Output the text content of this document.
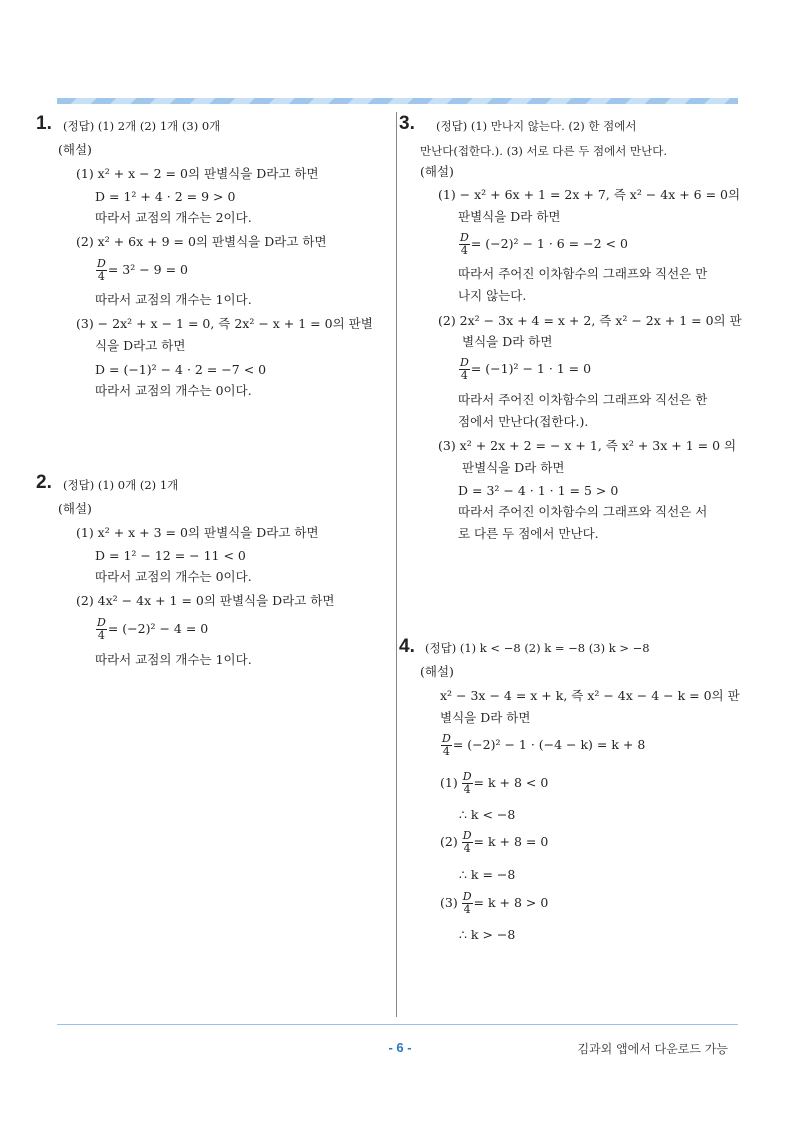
1. (정답) (1) 2개 (2) 1개 (3) 0개
(해설)
(1) x² + x − 2 = 0의 판별식을 D라고 하면
D = 1² + 4 · 2 = 9 > 0
따라서 교점의 개수는 2이다.
(2) x² + 6x + 9 = 0의 판별식을 D라고 하면
$\frac{D}{4} = 3^2 - 9 = 0$
따라서 교점의 개수는 1이다.
(3) − 2x² + x − 1 = 0, 즉 2x² − x + 1 = 0의 판별
식을 D라고 하면
D = (−1)² − 4 · 2 = −7 < 0
따라서 교점의 개수는 0이다.
2. (정답) (1) 0개 (2) 1개
(해설)
(1) x² + x + 3 = 0의 판별식을 D라고 하면
D = 1² − 12 = − 11 < 0
따라서 교점의 개수는 0이다.
(2) 4x² − 4x + 1 = 0의 판별식을 D라고 하면
$\frac{D}{4} = (-2)^2 - 4 = 0$
따라서 교점의 개수는 1이다.
3. (정답) (1) 만나지 않는다. (2) 한 점에서
만난다(접한다.). (3) 서로 다른 두 점에서 만난다.
(해설)
(1) − x² + 6x + 1 = 2x + 7, 즉 x² − 4x + 6 = 0의
판별식을 D라 하면
$\frac{D}{4} = (-2)^2 - 1 \cdot 6 = -2 < 0$
따라서 주어진 이차함수의 그래프와 직선은 만
나지 않는다.
(2) 2x² − 3x + 4 = x + 2, 즉 x² − 2x + 1 = 0의 판
별식을 D라 하면
$\frac{D}{4} = (-1)^2 - 1 \cdot 1 = 0$
따라서 주어진 이차함수의 그래프와 직선은 한
점에서 만난다(접한다.).
(3) x² + 2x + 2 = − x + 1, 즉 x² + 3x + 1 = 0 의
판별식을 D라 하면
D = 3² − 4 · 1 · 1 = 5 > 0
따라서 주어진 이차함수의 그래프와 직선은 서
로 다른 두 점에서 만난다.
4. (정답) (1) k < −8 (2) k = −8 (3) k > −8
(해설)
x² − 3x − 4 = x + k, 즉 x² − 4x − 4 − k = 0의 판
별식을 D라 하면
$\frac{D}{4} = (-2)^2 - 1 \cdot (-4 - k) = k + 8$
$(1) \frac{D}{4} = k + 8 < 0$
∴ k < −8
$(2) \frac{D}{4} = k + 8 = 0$
∴ k = −8
$(3) \frac{D}{4} = k + 8 > 0$
∴ k > −8
- 6 -	김과외 앱에서 다운로드 가능
